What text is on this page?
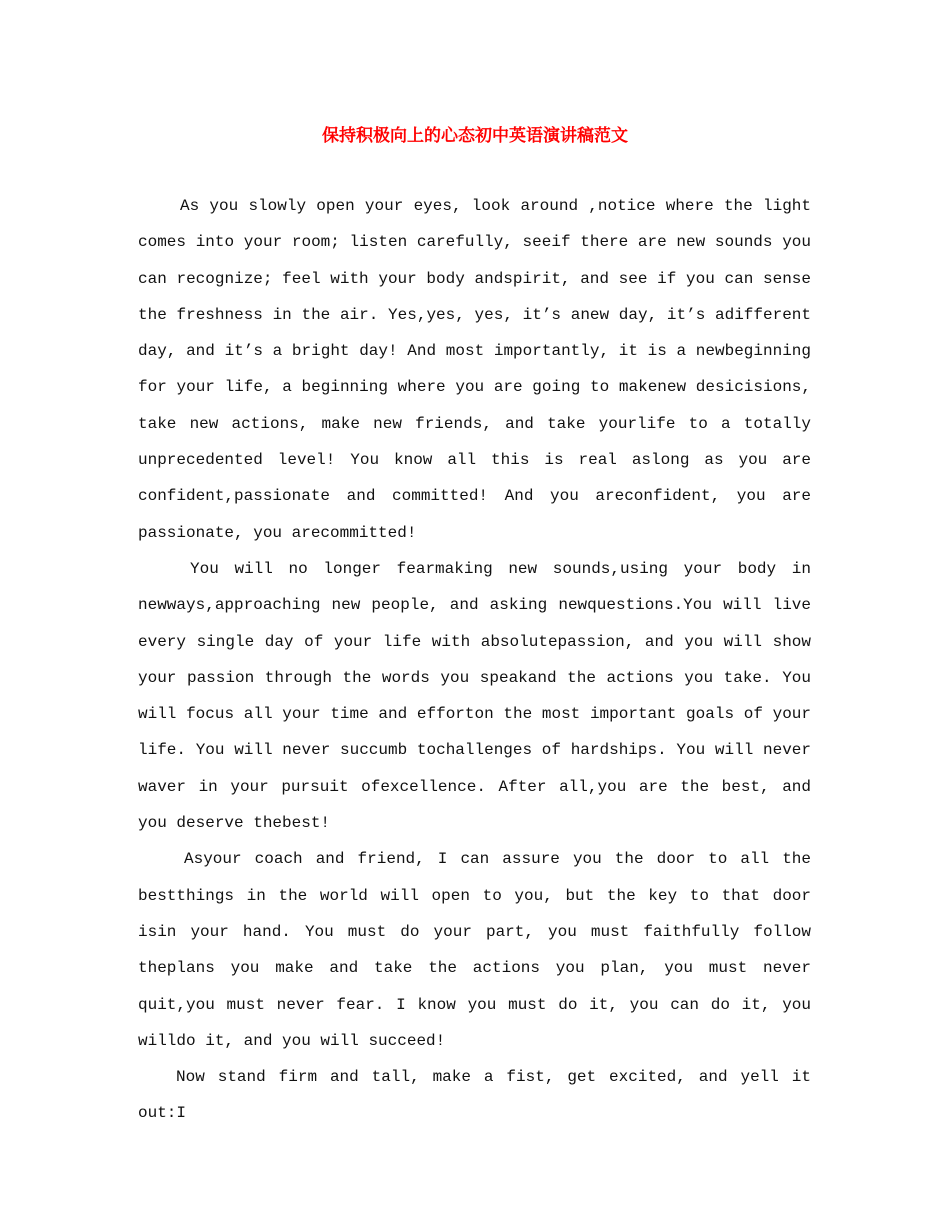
保持积极向上的心态初中英语演讲稿范文

As you slowly open your eyes, look around ,notice where the light comes into your room; listen carefully, seeif there are new sounds you can recognize; feel with your body andspirit, and see if you can sense the freshness in the air. Yes,yes, yes, it’s anew day, it’s adifferent day, and it’s a bright day! And most importantly, it is a newbeginning for your life, a beginning where you are going to makenew desicisions, take new actions, make new friends, and take yourlife to a totally unprecedented level! You know all this is real aslong as you are confident,passionate and committed! And you areconfident, you are passionate, you arecommitted!

You will no longer fearmaking new sounds,using your body in newways,approaching new people, and asking newquestions.You will live every single day of your life with absolutepassion, and you will show your passion through the words you speakand the actions you take. You will focus all your time and efforton the most important goals of your life. You will never succumb tochallenges of hardships. You will never waver in your pursuit ofexcellence. After all,you are the best, and you deserve thebest!

Asyour coach and friend, I can assure you the door to all the bestthings in the world will open to you, but the key to that door isin your hand. You must do your part, you must faithfully follow theplans you make and take the actions you plan, you must never quit,you must never fear. I know you must do it, you can do it, you willdo it, and you will succeed!

Now stand firm and tall, make a fist, get excited, and yell it out:I
